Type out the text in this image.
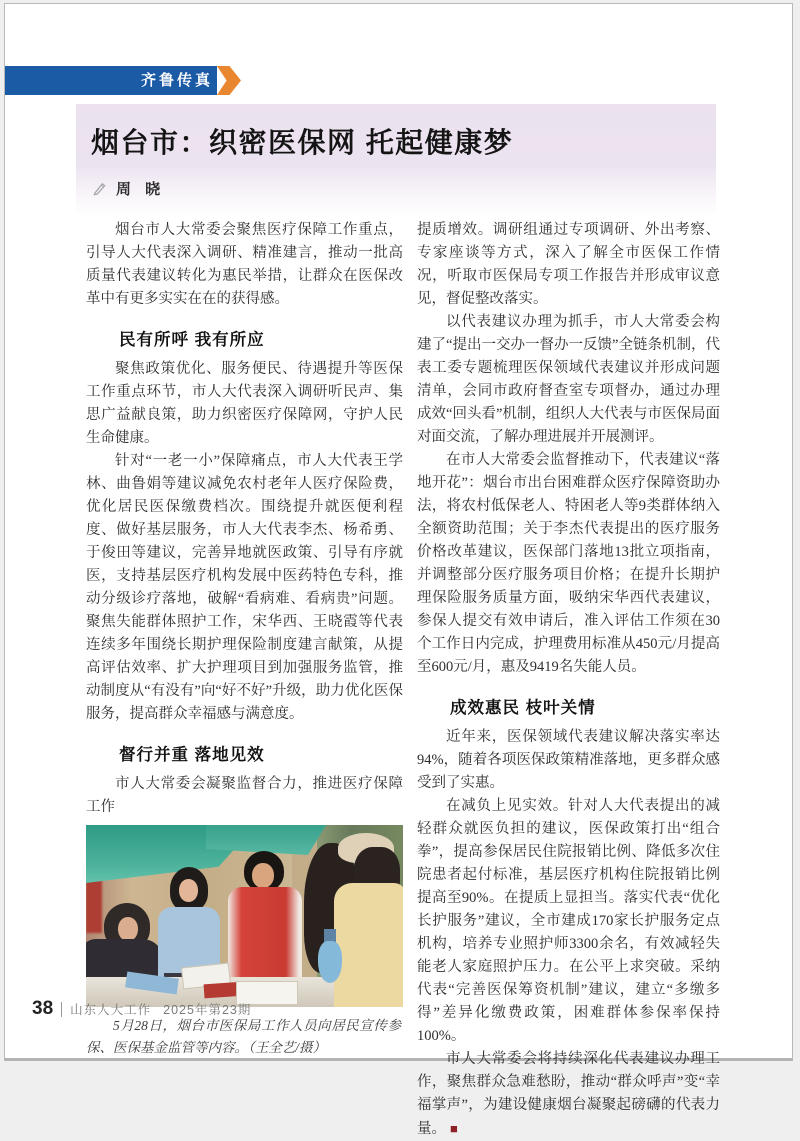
齐鲁传真
烟台市：织密医保网 托起健康梦
周 晓

烟台市人大常委会聚焦医疗保障工作重点，引导人大代表深入调研、精准建言，推动一批高质量代表建议转化为惠民举措，让群众在医保改革中有更多实实在在的获得感。

民有所呼 我有所应

聚焦政策优化、服务便民、待遇提升等医保工作重点环节，市人大代表深入调研听民声、集思广益献良策，助力织密医疗保障网，守护人民生命健康。

针对“一老一小”保障痛点，市人大代表王学林、曲鲁娟等建议减免农村老年人医疗保险费，优化居民医保缴费档次。围绕提升就医便利程度、做好基层服务，市人大代表李杰、杨希勇、于俊田等建议，完善异地就医政策、引导有序就医，支持基层医疗机构发展中医药特色专科，推动分级诊疗落地，破解“看病难、看病贵”问题。聚焦失能群体照护工作，宋华西、王晓霞等代表连续多年围绕长期护理保险制度建言献策，从提高评估效率、扩大护理项目到加强服务监管，推动制度从“有没有”向“好不好”升级，助力优化医保服务，提高群众幸福感与满意度。

督行并重 落地见效

市人大常委会凝聚监督合力，推进医疗保障工作

5月28日，烟台市医保局工作人员向居民宣传参保、医保基金监管等内容。（王全艺/摄）

提质增效。调研组通过专项调研、外出考察、专家座谈等方式，深入了解全市医保工作情况，听取市医保局专项工作报告并形成审议意见，督促整改落实。

以代表建议办理为抓手，市人大常委会构建了“提出一交办一督办一反馈”全链条机制，代表工委专题梳理医保领域代表建议并形成问题清单，会同市政府督查室专项督办，通过办理成效“回头看”机制，组织人大代表与市医保局面对面交流，了解办理进展并开展测评。

在市人大常委会监督推动下，代表建议“落地开花”：烟台市出台困难群众医疗保障资助办法，将农村低保老人、特困老人等9类群体纳入全额资助范围；关于李杰代表提出的医疗服务价格改革建议，医保部门落地13批立项指南，并调整部分医疗服务项目价格；在提升长期护理保险服务质量方面，吸纳宋华西代表建议，参保人提交有效申请后，准入评估工作须在30个工作日内完成，护理费用标准从450元/月提高至600元/月，惠及9419名失能人员。

成效惠民 枝叶关情

近年来，医保领域代表建议解决落实率达94%，随着各项医保政策精准落地，更多群众感受到了实惠。

在减负上见实效。针对人大代表提出的减轻群众就医负担的建议，医保政策打出“组合拳”，提高参保居民住院报销比例、降低多次住院患者起付标准，基层医疗机构住院报销比例提高至90%。在提质上显担当。落实代表“优化长护服务”建议，全市建成170家长护服务定点机构，培养专业照护师3300余名，有效减轻失能老人家庭照护压力。在公平上求突破。采纳代表“完善医保筹资机制”建议，建立“多缴多得”差异化缴费政策，困难群体参保率保持100%。

市人大常委会将持续深化代表建议办理工作，聚焦群众急难愁盼，推动“群众呼声”变“幸福掌声”，为建设健康烟台凝聚起磅礴的代表力量。 ■

38 山东人大工作 2025年第23期
